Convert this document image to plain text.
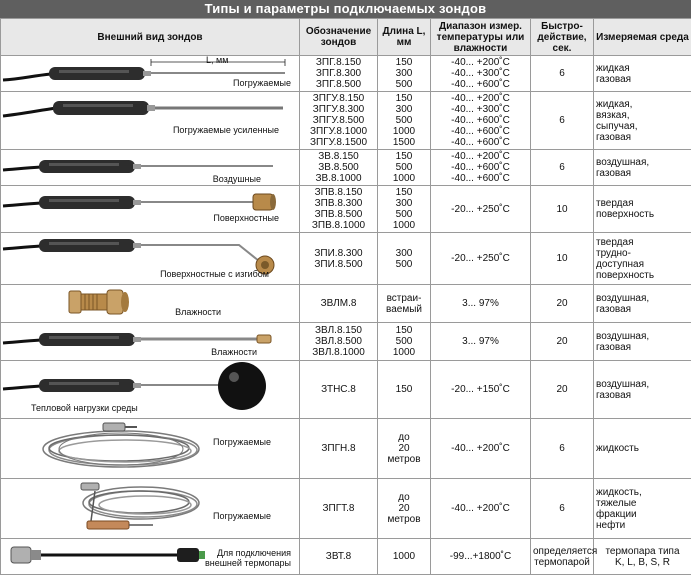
Типы и параметры подключаемых зондов
Внешний вид зондов	Обозначение зондов	Длина L, мм	Диапазон измер. температуры или влажности	Быстро-действие, сек.	Измеряемая среда

L, мм
Погружаемые	ЗПГ.8.150
ЗПГ.8.300
ЗПГ.8.500	150
300
500	-40... +200˚C
-40... +300˚C
-40... +600˚C	6	жидкая
газовая

Погружаемые усиленные	ЗПГУ.8.150
ЗПГУ.8.300
ЗПГУ.8.500
ЗПГУ.8.1000
ЗПГУ.8.1500	150
300
500
1000
1500	-40... +200˚C
-40... +300˚C
-40... +600˚C
-40... +600˚C
-40... +600˚C	6	жидкая,
вязкая,
сыпучая,
газовая

Воздушные	ЗВ.8.150
ЗВ.8.500
ЗВ.8.1000	150
500
1000	-40... +200˚C
-40... +600˚C
-40... +600˚C	6	воздушная,
газовая

Поверхностные	ЗПВ.8.150
ЗПВ.8.300
ЗПВ.8.500
ЗПВ.8.1000	150
300
500
1000	-20... +250˚C	10	твердая
поверхность

Поверхностные с изгибом	ЗПИ.8.300
ЗПИ.8.500	300
500	-20... +250˚C	10	твердая
трудно-
доступная
поверхность

Влажности	ЗВЛМ.8	встраи-
ваемый	3... 97%	20	воздушная,
газовая

Влажности	ЗВЛ.8.150
ЗВЛ.8.500
ЗВЛ.8.1000	150
500
1000	3... 97%	20	воздушная,
газовая

Тепловой нагрузки среды	ЗТНС.8	150	-20... +150˚C	20	воздушная,
газовая

Погружаемые	ЗПГН.8	до
20
метров	-40... +200˚C	6	жидкость

Погружаемые	ЗПГТ.8	до
20
метров	-40... +200˚C	6	жидкость,
тяжелые
фракции
нефти

Для подключения
внешней термопары	ЗВТ.8	1000	-99...+1800˚C	определяется
термопарой	термопара типа
K, L, B, S, R
